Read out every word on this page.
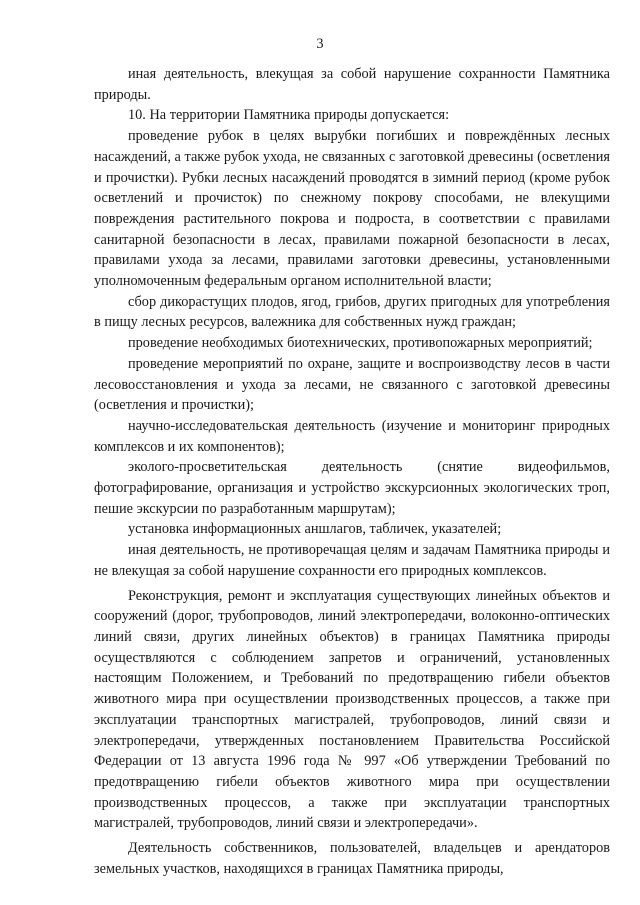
3

иная деятельность, влекущая за собой нарушение сохранности Памятника природы.

10. На территории Памятника природы допускается:

проведение рубок в целях вырубки погибших и повреждённых лесных насаждений, а также рубок ухода, не связанных с заготовкой древесины (осветления и прочистки). Рубки лесных насаждений проводятся в зимний период (кроме рубок осветлений и прочисток) по снежному покрову способами, не влекущими повреждения растительного покрова и подроста, в соответствии с правилами санитарной безопасности в лесах, правилами пожарной безопасности в лесах, правилами ухода за лесами, правилами заготовки древесины, установленными уполномоченным федеральным органом исполнительной власти;

сбор дикорастущих плодов, ягод, грибов, других пригодных для употребления в пищу лесных ресурсов, валежника для собственных нужд граждан;

проведение необходимых биотехнических, противопожарных мероприятий;

проведение мероприятий по охране, защите и воспроизводству лесов в части лесовосстановления и ухода за лесами, не связанного с заготовкой древесины (осветления и прочистки);

научно-исследовательская деятельность (изучение и мониторинг природных комплексов и их компонентов);

эколого-просветительская деятельность (снятие видеофильмов, фотографирование, организация и устройство экскурсионных экологических троп, пешие экскурсии по разработанным маршрутам);

установка информационных аншлагов, табличек, указателей;

иная деятельность, не противоречащая целям и задачам Памятника природы и не влекущая за собой нарушение сохранности его природных комплексов.

Реконструкция, ремонт и эксплуатация существующих линейных объектов и сооружений (дорог, трубопроводов, линий электропередачи, волоконно-оптических линий связи, других линейных объектов) в границах Памятника природы осуществляются с соблюдением запретов и ограничений, установленных настоящим Положением, и Требований по предотвращению гибели объектов животного мира при осуществлении производственных процессов, а также при эксплуатации транспортных магистралей, трубопроводов, линий связи и электропередачи, утвержденных постановлением Правительства Российской Федерации от 13 августа 1996 года № 997 «Об утверждении Требований по предотвращению гибели объектов животного мира при осуществлении производственных процессов, а также при эксплуатации транспортных магистралей, трубопроводов, линий связи и электропередачи».

Деятельность собственников, пользователей, владельцев и арендаторов земельных участков, находящихся в границах Памятника природы,
